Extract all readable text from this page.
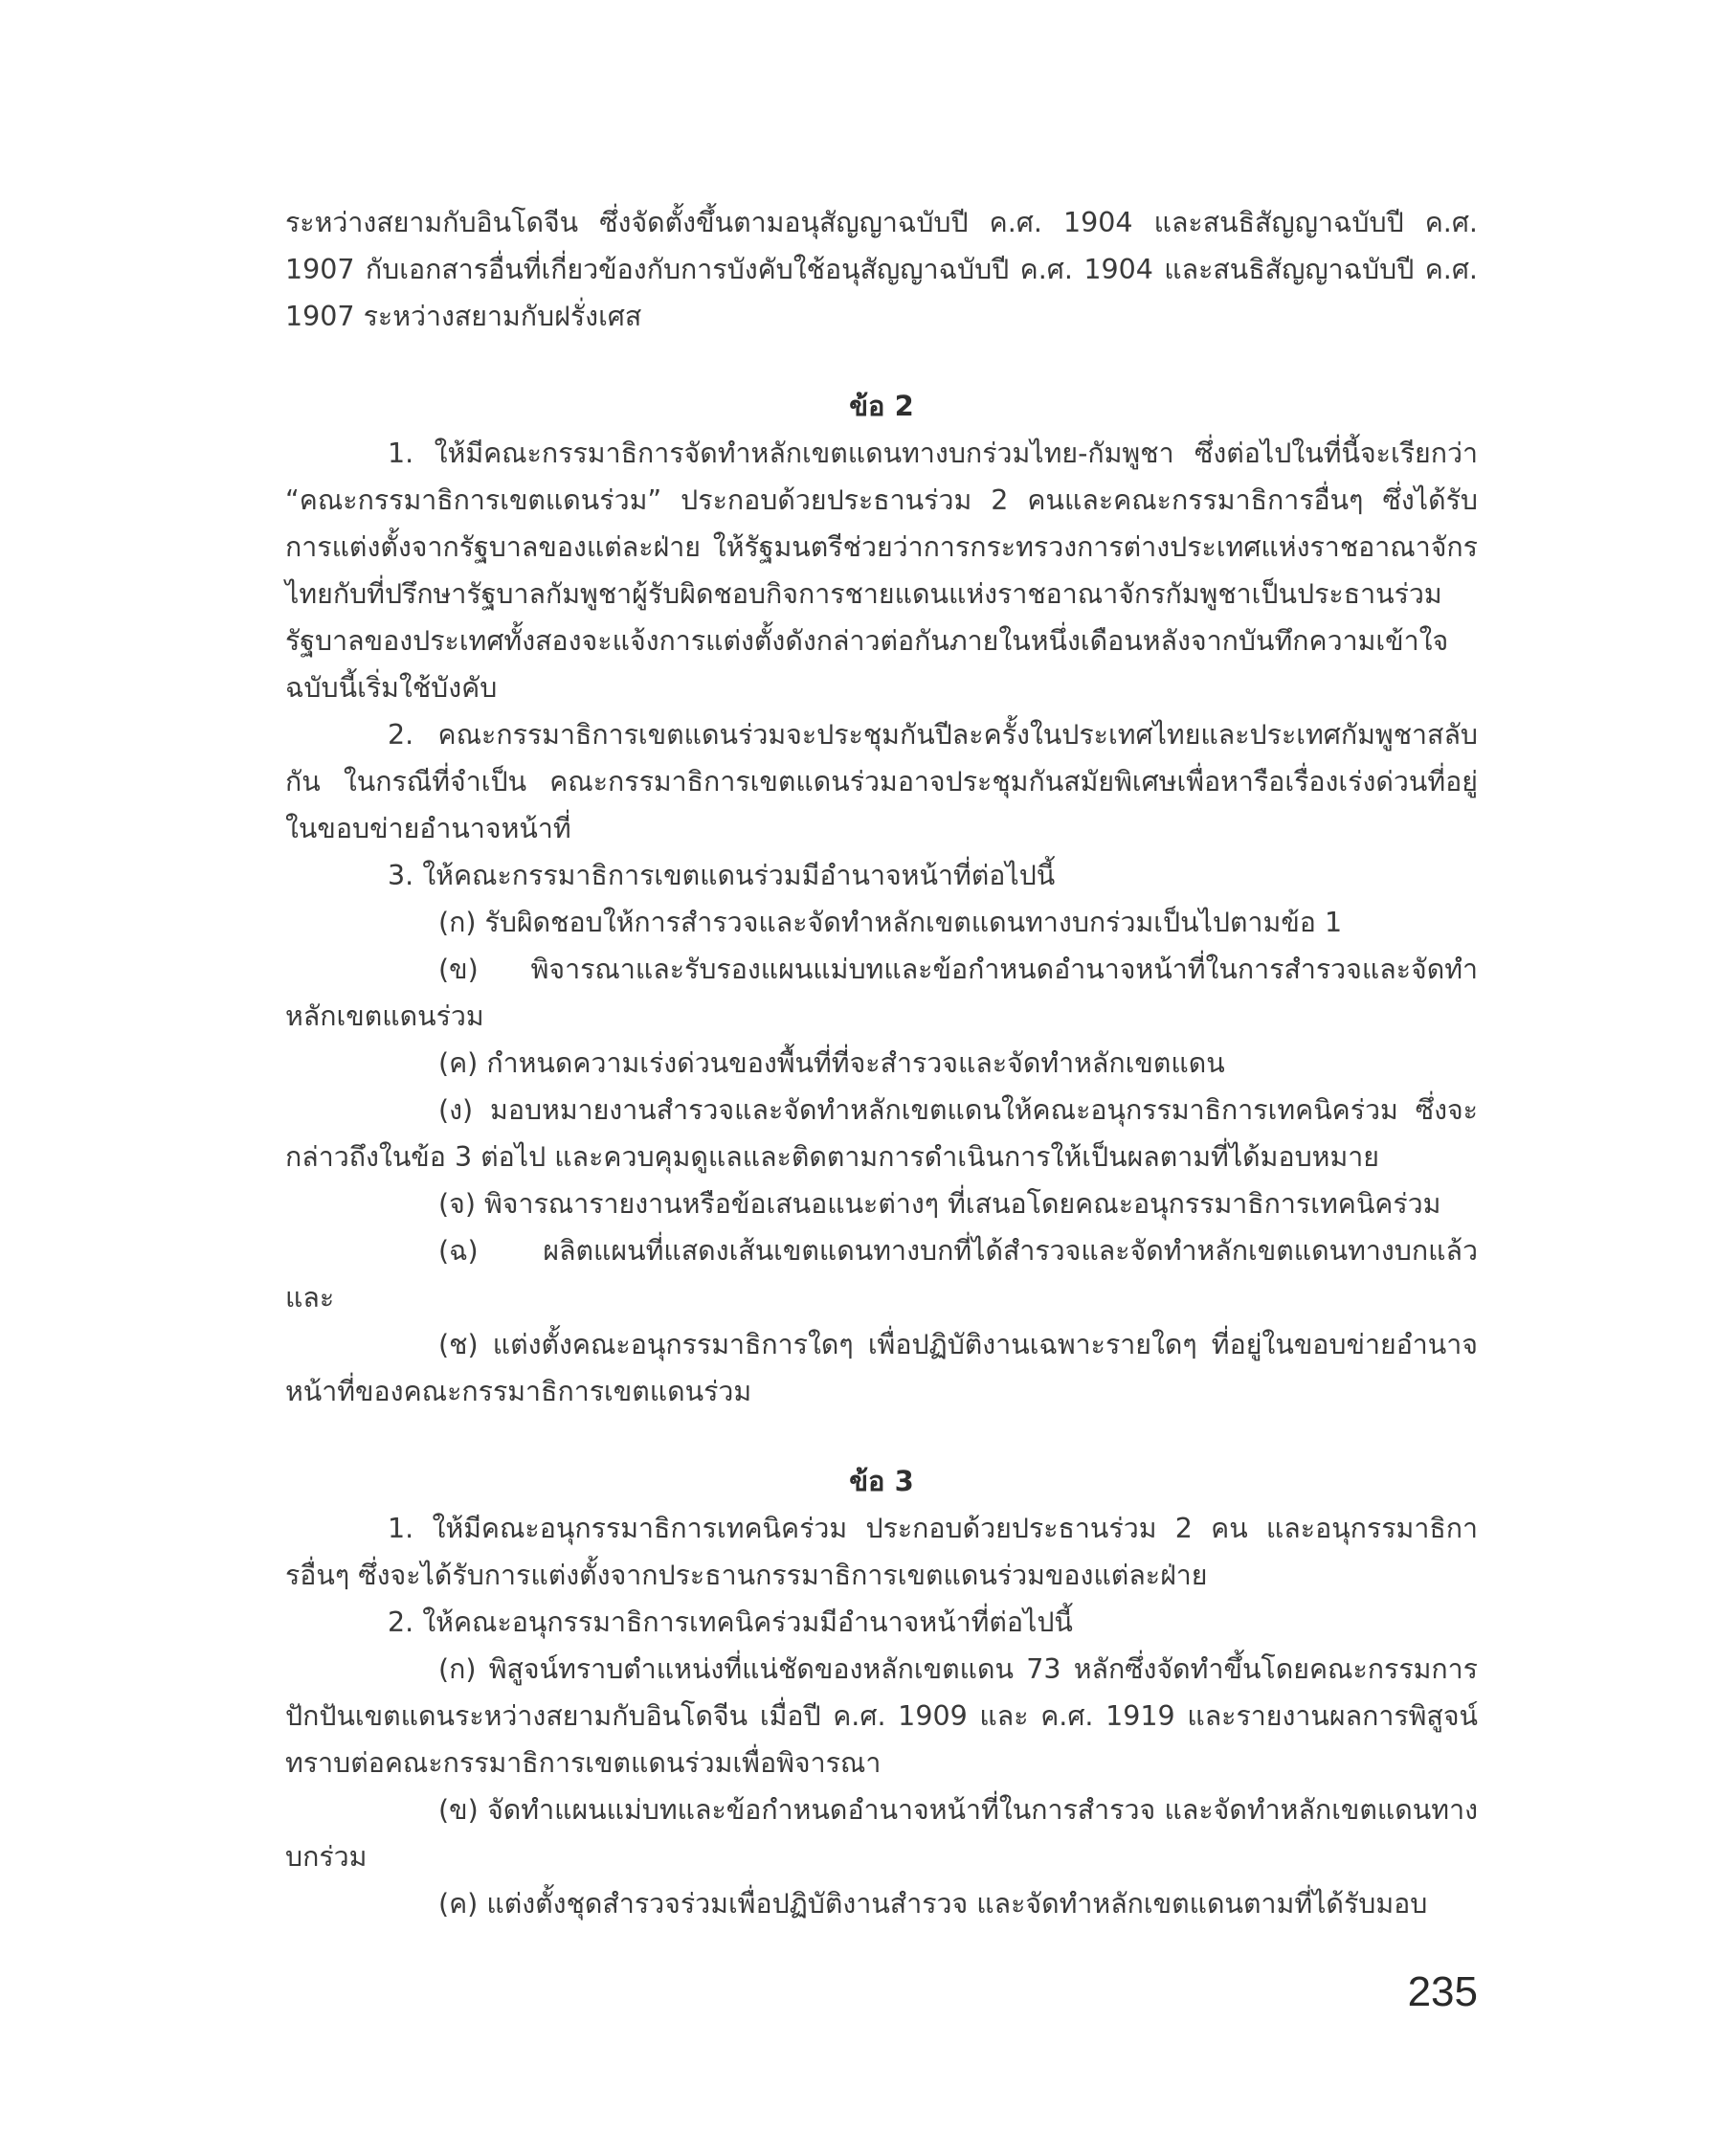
ระหว่างสยามกับอินโดจีน ซึ่งจัดตั้งขึ้นตามอนุสัญญาฉบับปี ค.ศ. 1904 และสนธิสัญญาฉบับปี ค.ศ. 1907 กับเอกสารอื่นที่เกี่ยวข้องกับการบังคับใช้อนุสัญญาฉบับปี ค.ศ. 1904 และสนธิสัญญาฉบับปี ค.ศ. 1907 ระหว่างสยามกับฝรั่งเศส

ข้อ 2

1. ให้มีคณะกรรมาธิการจัดทำหลักเขตแดนทางบกร่วมไทย-กัมพูชา ซึ่งต่อไปในที่นี้จะเรียกว่า “คณะกรรมาธิการเขตแดนร่วม” ประกอบด้วยประธานร่วม 2 คนและคณะกรรมาธิการอื่นๆ ซึ่งได้รับการแต่งตั้งจากรัฐบาลของแต่ละฝ่าย ให้รัฐมนตรีช่วยว่าการกระทรวงการต่างประเทศแห่งราชอาณาจักรไทยกับที่ปรึกษารัฐบาลกัมพูชาผู้รับผิดชอบกิจการชายแดนแห่งราชอาณาจักรกัมพูชาเป็นประธานร่วม รัฐบาลของประเทศทั้งสองจะแจ้งการแต่งตั้งดังกล่าวต่อกันภายในหนึ่งเดือนหลังจากบันทึกความเข้าใจฉบับนี้เริ่มใช้บังคับ

2. คณะกรรมาธิการเขตแดนร่วมจะประชุมกันปีละครั้งในประเทศไทยและประเทศกัมพูชาสลับกัน ในกรณีที่จำเป็น คณะกรรมาธิการเขตแดนร่วมอาจประชุมกันสมัยพิเศษเพื่อหารือเรื่องเร่งด่วนที่อยู่ในขอบข่ายอำนาจหน้าที่

3. ให้คณะกรรมาธิการเขตแดนร่วมมีอำนาจหน้าที่ต่อไปนี้

(ก) รับผิดชอบให้การสำรวจและจัดทำหลักเขตแดนทางบกร่วมเป็นไปตามข้อ 1

(ข) พิจารณาและรับรองแผนแม่บทและข้อกำหนดอำนาจหน้าที่ในการสำรวจและจัดทำหลักเขตแดนร่วม

(ค) กำหนดความเร่งด่วนของพื้นที่ที่จะสำรวจและจัดทำหลักเขตแดน

(ง) มอบหมายงานสำรวจและจัดทำหลักเขตแดนให้คณะอนุกรรมาธิการเทคนิคร่วม ซึ่งจะกล่าวถึงในข้อ 3 ต่อไป และควบคุมดูแลและติดตามการดำเนินการให้เป็นผลตามที่ได้มอบหมาย

(จ) พิจารณารายงานหรือข้อเสนอแนะต่างๆ ที่เสนอโดยคณะอนุกรรมาธิการเทคนิคร่วม

(ฉ) ผลิตแผนที่แสดงเส้นเขตแดนทางบกที่ได้สำรวจและจัดทำหลักเขตแดนทางบกแล้ว และ

(ช) แต่งตั้งคณะอนุกรรมาธิการใดๆ เพื่อปฏิบัติงานเฉพาะรายใดๆ ที่อยู่ในขอบข่ายอำนาจหน้าที่ของคณะกรรมาธิการเขตแดนร่วม

ข้อ 3

1. ให้มีคณะอนุกรรมาธิการเทคนิคร่วม ประกอบด้วยประธานร่วม 2 คน และอนุกรรมาธิการอื่นๆ ซึ่งจะได้รับการแต่งตั้งจากประธานกรรมาธิการเขตแดนร่วมของแต่ละฝ่าย

2. ให้คณะอนุกรรมาธิการเทคนิคร่วมมีอำนาจหน้าที่ต่อไปนี้

(ก) พิสูจน์ทราบตำแหน่งที่แน่ชัดของหลักเขตแดน 73 หลักซึ่งจัดทำขึ้นโดยคณะกรรมการปักปันเขตแดนระหว่างสยามกับอินโดจีน เมื่อปี ค.ศ. 1909 และ ค.ศ. 1919 และรายงานผลการพิสูจน์ทราบต่อคณะกรรมาธิการเขตแดนร่วมเพื่อพิจารณา

(ข) จัดทำแผนแม่บทและข้อกำหนดอำนาจหน้าที่ในการสำรวจ และจัดทำหลักเขตแดนทางบกร่วม

(ค) แต่งตั้งชุดสำรวจร่วมเพื่อปฏิบัติงานสำรวจ และจัดทำหลักเขตแดนตามที่ได้รับมอบ

235
